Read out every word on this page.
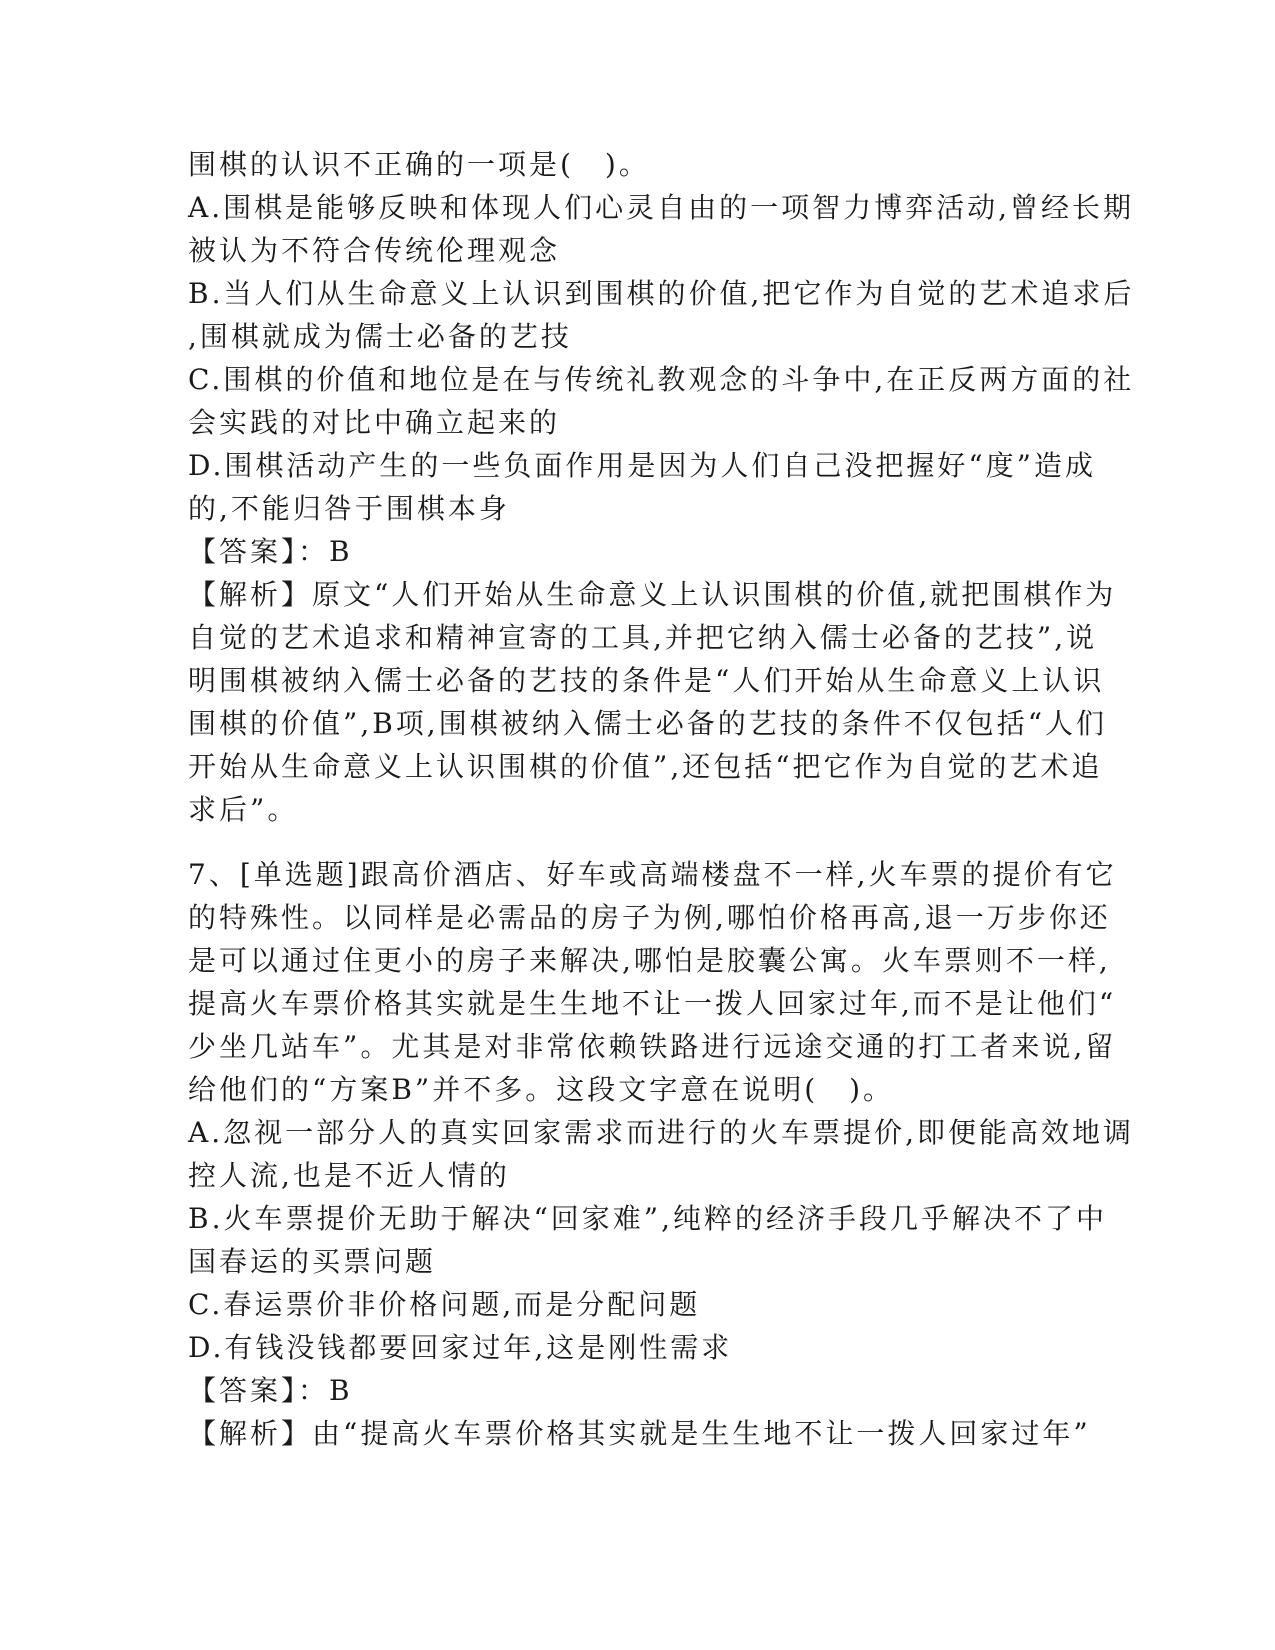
围棋的认识不正确的一项是(　)。
A.围棋是能够反映和体现人们心灵自由的一项智力博弈活动,曾经长期
被认为不符合传统伦理观念
B.当人们从生命意义上认识到围棋的价值,把它作为自觉的艺术追求后
,围棋就成为儒士必备的艺技
C.围棋的价值和地位是在与传统礼教观念的斗争中,在正反两方面的社
会实践的对比中确立起来的
D.围棋活动产生的一些负面作用是因为人们自己没把握好“度”造成
的,不能归咎于围棋本身
【答案】：B
【解析】原文“人们开始从生命意义上认识围棋的价值,就把围棋作为
自觉的艺术追求和精神宣寄的工具,并把它纳入儒士必备的艺技”,说
明围棋被纳入儒士必备的艺技的条件是“人们开始从生命意义上认识
围棋的价值”,B项,围棋被纳入儒士必备的艺技的条件不仅包括“人们
开始从生命意义上认识围棋的价值”,还包括“把它作为自觉的艺术追
求后”。
7、[单选题]跟高价酒店、好车或高端楼盘不一样,火车票的提价有它
的特殊性。以同样是必需品的房子为例,哪怕价格再高,退一万步你还
是可以通过住更小的房子来解决,哪怕是胶囊公寓。火车票则不一样,
提高火车票价格其实就是生生地不让一拨人回家过年,而不是让他们“
少坐几站车”。尤其是对非常依赖铁路进行远途交通的打工者来说,留
给他们的“方案B”并不多。这段文字意在说明(　)。
A.忽视一部分人的真实回家需求而进行的火车票提价,即便能高效地调
控人流,也是不近人情的
B.火车票提价无助于解决“回家难”,纯粹的经济手段几乎解决不了中
国春运的买票问题
C.春运票价非价格问题,而是分配问题
D.有钱没钱都要回家过年,这是刚性需求
【答案】：B
【解析】由“提高火车票价格其实就是生生地不让一拨人回家过年”
